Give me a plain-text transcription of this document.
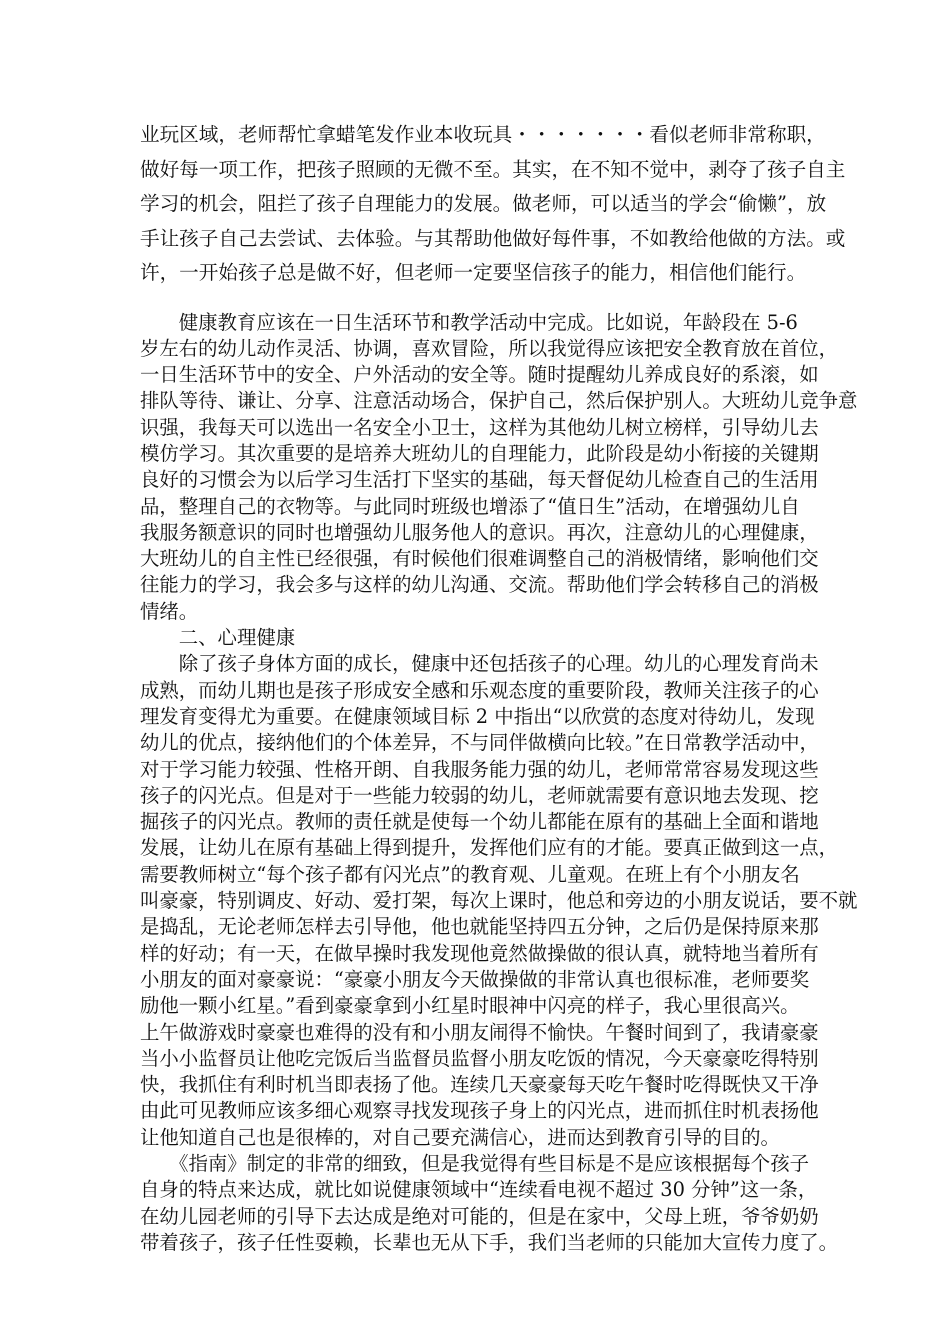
业玩区域，老师帮忙拿蜡笔发作业本收玩具・・・・・・・看似老师非常称职，

做好每一项工作，把孩子照顾的无微不至。其实，在不知不觉中，剥夺了孩子自主

学习的机会，阻拦了孩子自理能力的发展。做老师，可以适当的学会“偷懒”，放

手让孩子自己去尝试、去体验。与其帮助他做好每件事，不如教给他做的方法。或

许，一开始孩子总是做不好，但老师一定要坚信孩子的能力，相信他们能行。

　　健康教育应该在一日生活环节和教学活动中完成。比如说，年龄段在 5-6

岁左右的幼儿动作灵活、协调，喜欢冒险，所以我觉得应该把安全教育放在首位，

一日生活环节中的安全、户外活动的安全等。随时提醒幼儿养成良好的系滚，如

排队等待、谦让、分享、注意活动场合，保护自己，然后保护别人。大班幼儿竞争意

识强，我每天可以选出一名安全小卫士，这样为其他幼儿树立榜样，引导幼儿去

模仿学习。其次重要的是培养大班幼儿的自理能力，此阶段是幼小衔接的关键期

良好的习惯会为以后学习生活打下坚实的基础，每天督促幼儿检查自己的生活用

品，整理自己的衣物等。与此同时班级也增添了“值日生”活动，在增强幼儿自

我服务额意识的同时也增强幼儿服务他人的意识。再次，注意幼儿的心理健康，

大班幼儿的自主性已经很强，有时候他们很难调整自己的消极情绪，影响他们交

往能力的学习，我会多与这样的幼儿沟通、交流。帮助他们学会转移自己的消极

情绪。

　　二、心理健康

　　除了孩子身体方面的成长，健康中还包括孩子的心理。幼儿的心理发育尚未

成熟，而幼儿期也是孩子形成安全感和乐观态度的重要阶段，教师关注孩子的心

理发育变得尤为重要。在健康领域目标 2 中指出“以欣赏的态度对待幼儿，发现

幼儿的优点，接纳他们的个体差异，不与同伴做横向比较。”在日常教学活动中，

对于学习能力较强、性格开朗、自我服务能力强的幼儿，老师常常容易发现这些

孩子的闪光点。但是对于一些能力较弱的幼儿，老师就需要有意识地去发现、挖

掘孩子的闪光点。教师的责任就是使每一个幼儿都能在原有的基础上全面和谐地

发展，让幼儿在原有基础上得到提升，发挥他们应有的才能。要真正做到这一点，

需要教师树立“每个孩子都有闪光点”的教育观、儿童观。在班上有个小朋友名

叫豪豪，特别调皮、好动、爱打架，每次上课时，他总和旁边的小朋友说话，要不就

是捣乱，无论老师怎样去引导他，他也就能坚持四五分钟，之后仍是保持原来那

样的好动；有一天，在做早操时我发现他竟然做操做的很认真，就特地当着所有

小朋友的面对豪豪说：“豪豪小朋友今天做操做的非常认真也很标准，老师要奖

励他一颗小红星。”看到豪豪拿到小红星时眼神中闪亮的样子，我心里很高兴。

上午做游戏时豪豪也难得的没有和小朋友闹得不愉快。午餐时间到了，我请豪豪

当小小监督员让他吃完饭后当监督员监督小朋友吃饭的情况，今天豪豪吃得特别

快，我抓住有利时机当即表扬了他。连续几天豪豪每天吃午餐时吃得既快又干净

由此可见教师应该多细心观察寻找发现孩子身上的闪光点，进而抓住时机表扬他

让他知道自己也是很棒的，对自己要充满信心，进而达到教育引导的目的。

　　《指南》制定的非常的细致，但是我觉得有些目标是不是应该根据每个孩子

自身的特点来达成，就比如说健康领域中“连续看电视不超过 30 分钟”这一条，

在幼儿园老师的引导下去达成是绝对可能的，但是在家中，父母上班，爷爷奶奶

带着孩子，孩子任性耍赖，长辈也无从下手，我们当老师的只能加大宣传力度了。
